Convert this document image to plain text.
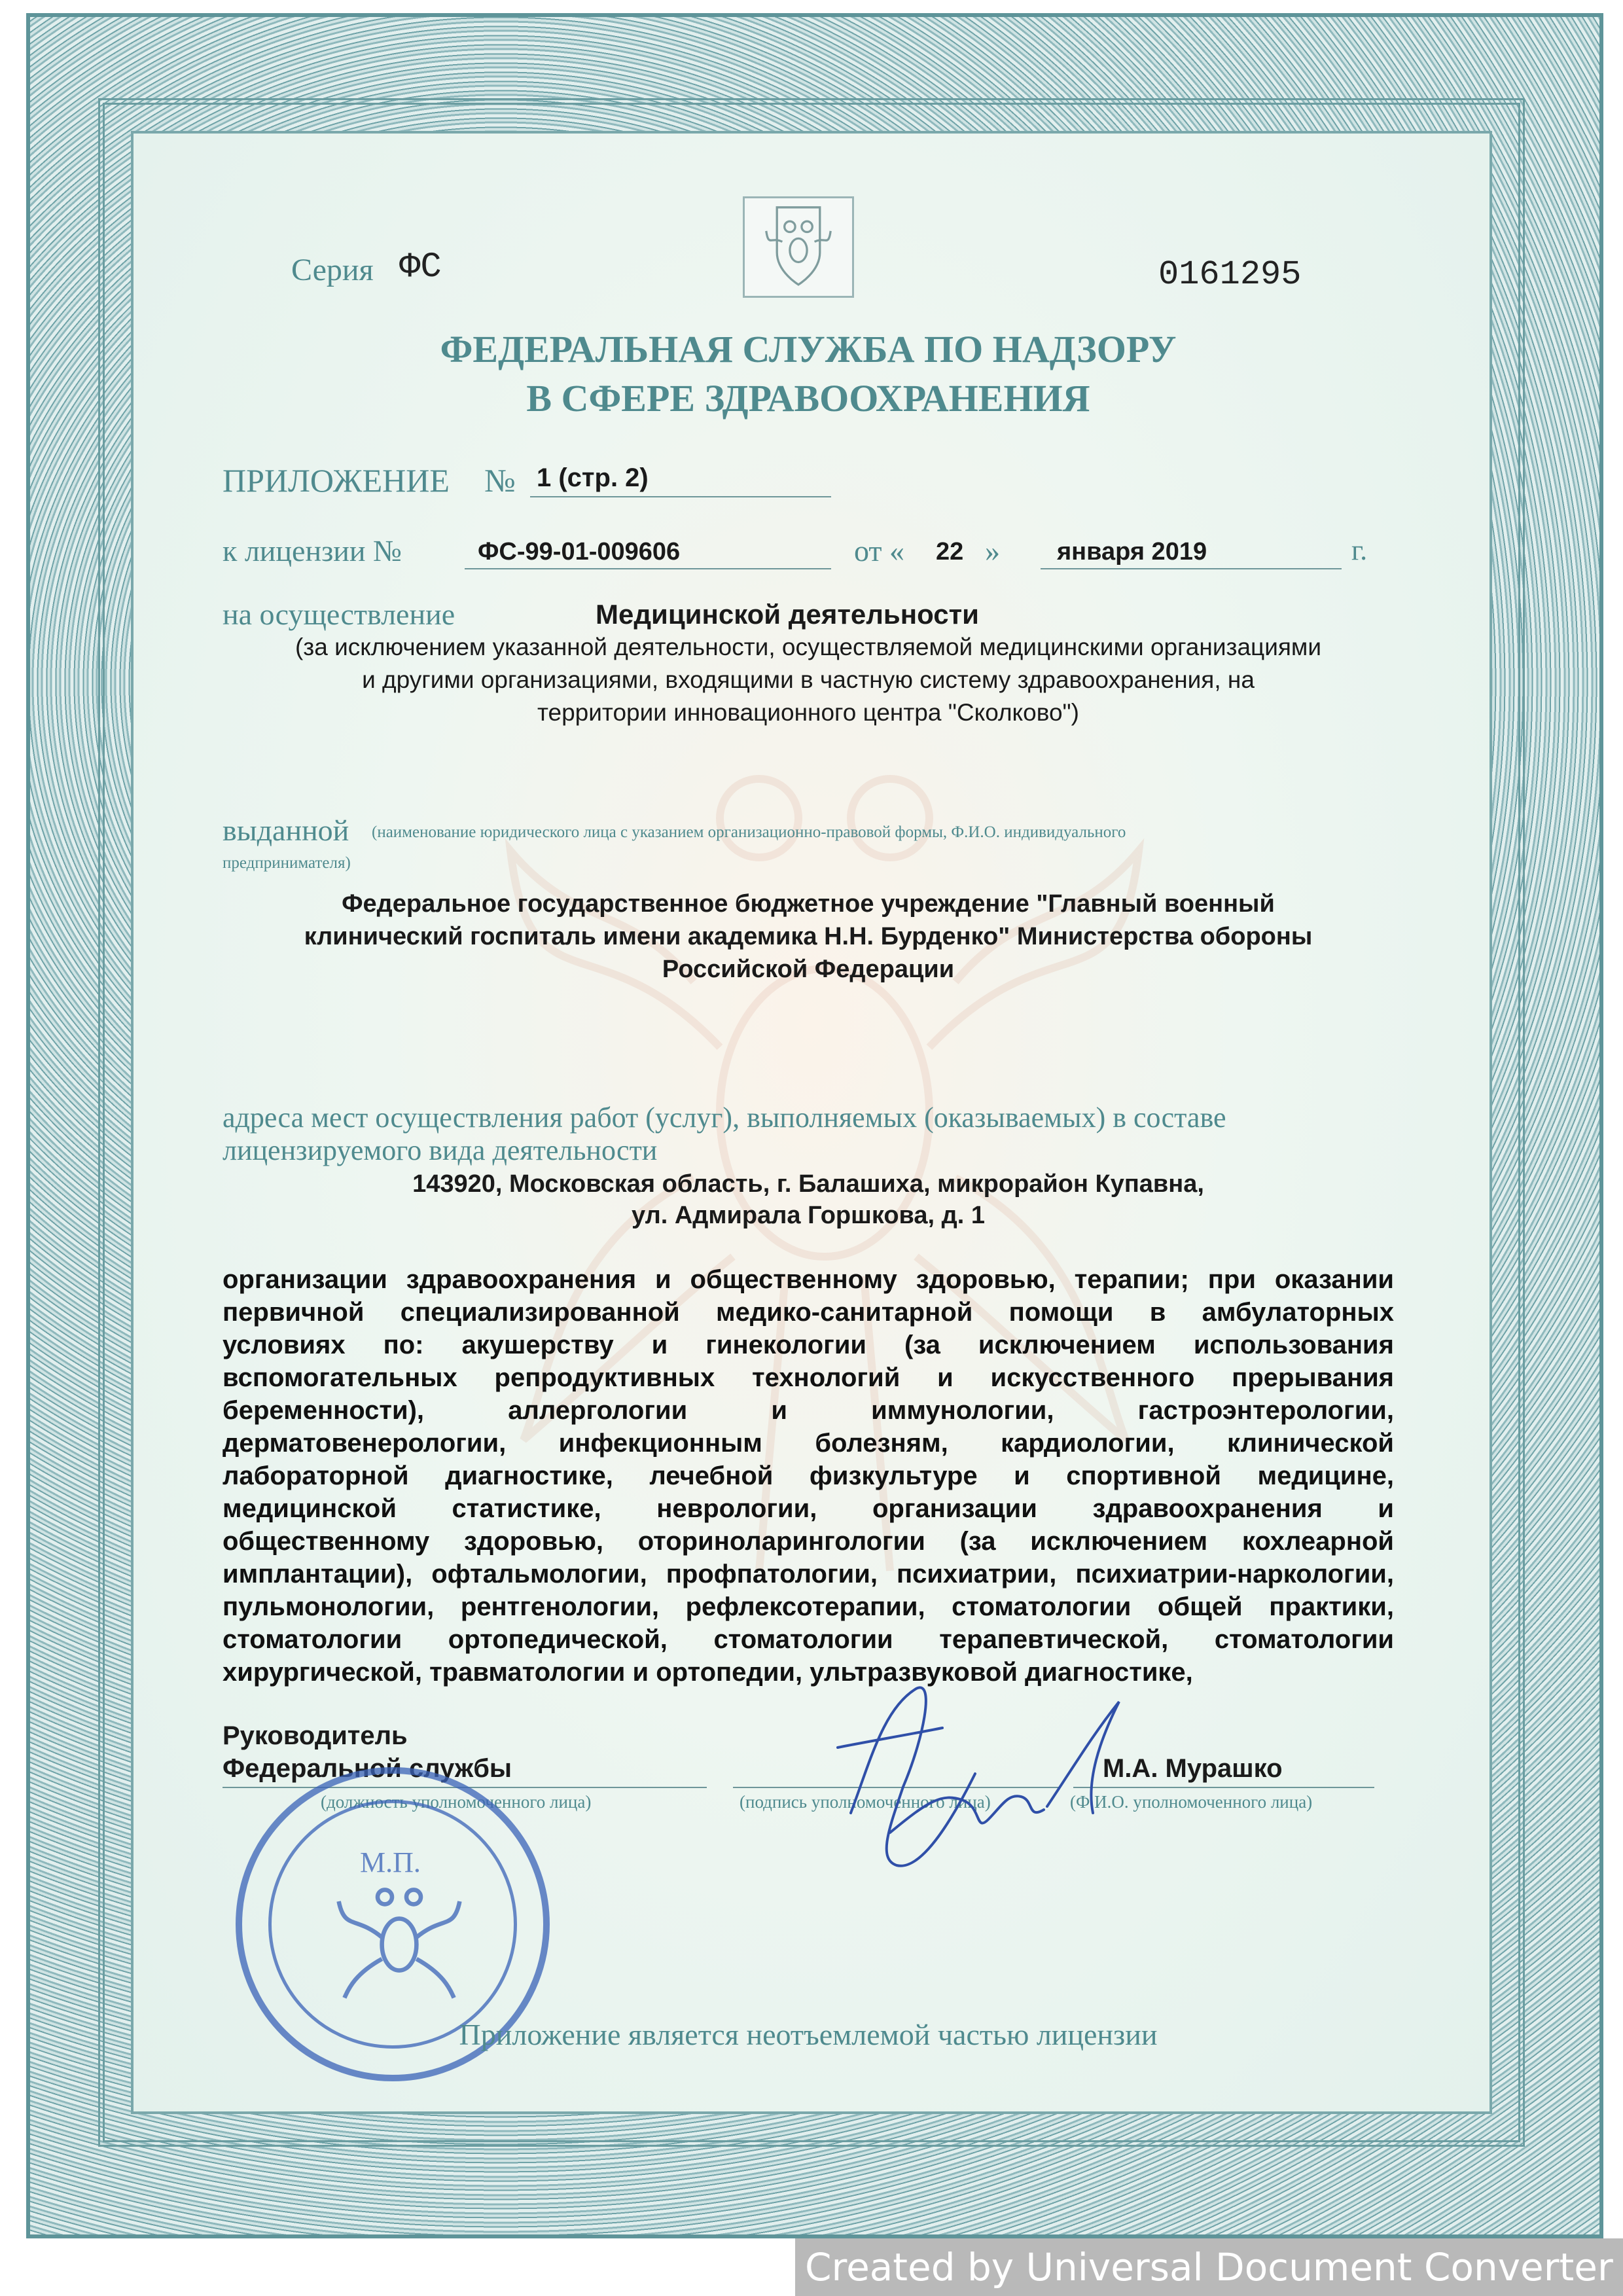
Серия ФС	0161295
ФЕДЕРАЛЬНАЯ СЛУЖБА ПО НАДЗОРУ
В СФЕРЕ ЗДРАВООХРАНЕНИЯ
ПРИЛОЖЕНИЕ № 1 (стр. 2)
к лицензии №	ФС-99-01-009606	от « 22 » января 2019	г.
на осуществление	Медицинской деятельности
(за исключением указанной деятельности, осуществляемой медицинскими организациями
и другими организациями, входящими в частную систему здравоохранения, на
территории инновационного центра "Сколково")
выданной (наименование юридического лица с указанием организационно-правовой формы, Ф.И.О. индивидуального
предпринимателя)
Федеральное государственное бюджетное учреждение "Главный военный
клинический госпиталь имени академика Н.Н. Бурденко" Министерства обороны
Российской Федерации
адреса мест осуществления работ (услуг), выполняемых (оказываемых) в составе
лицензируемого вида деятельности
143920, Московская область, г. Балашиха, микрорайон Купавна,
ул. Адмирала Горшкова, д. 1
организации здравоохранения и общественному здоровью, терапии; при оказании
первичной специализированной медико-санитарной помощи в амбулаторных
условиях по: акушерству и гинекологии (за исключением использования
вспомогательных репродуктивных технологий и искусственного прерывания
беременности), аллергологии и иммунологии, гастроэнтерологии,
дерматовенерологии, инфекционным болезням, кардиологии, клинической
лабораторной диагностике, лечебной физкультуре и спортивной медицине,
медицинской статистике, неврологии, организации здравоохранения и
общественному здоровью, оториноларингологии (за исключением кохлеарной
имплантации), офтальмологии, профпатологии, психиатрии, психиатрии-наркологии,
пульмонологии, рентгенологии, рефлексотерапии, стоматологии общей практики,
стоматологии ортопедической, стоматологии терапевтической, стоматологии
хирургической, травматологии и ортопедии, ультразвуковой диагностике,
Руководитель
Федеральной службы
(должность уполномоченного лица)	(подпись уполномоченного лица)
М.А. Мурашко
(Ф.И.О. уполномоченного лица)
М.П.
Приложение является неотъемлемой частью лицензии
Created by Universal Document Converter
